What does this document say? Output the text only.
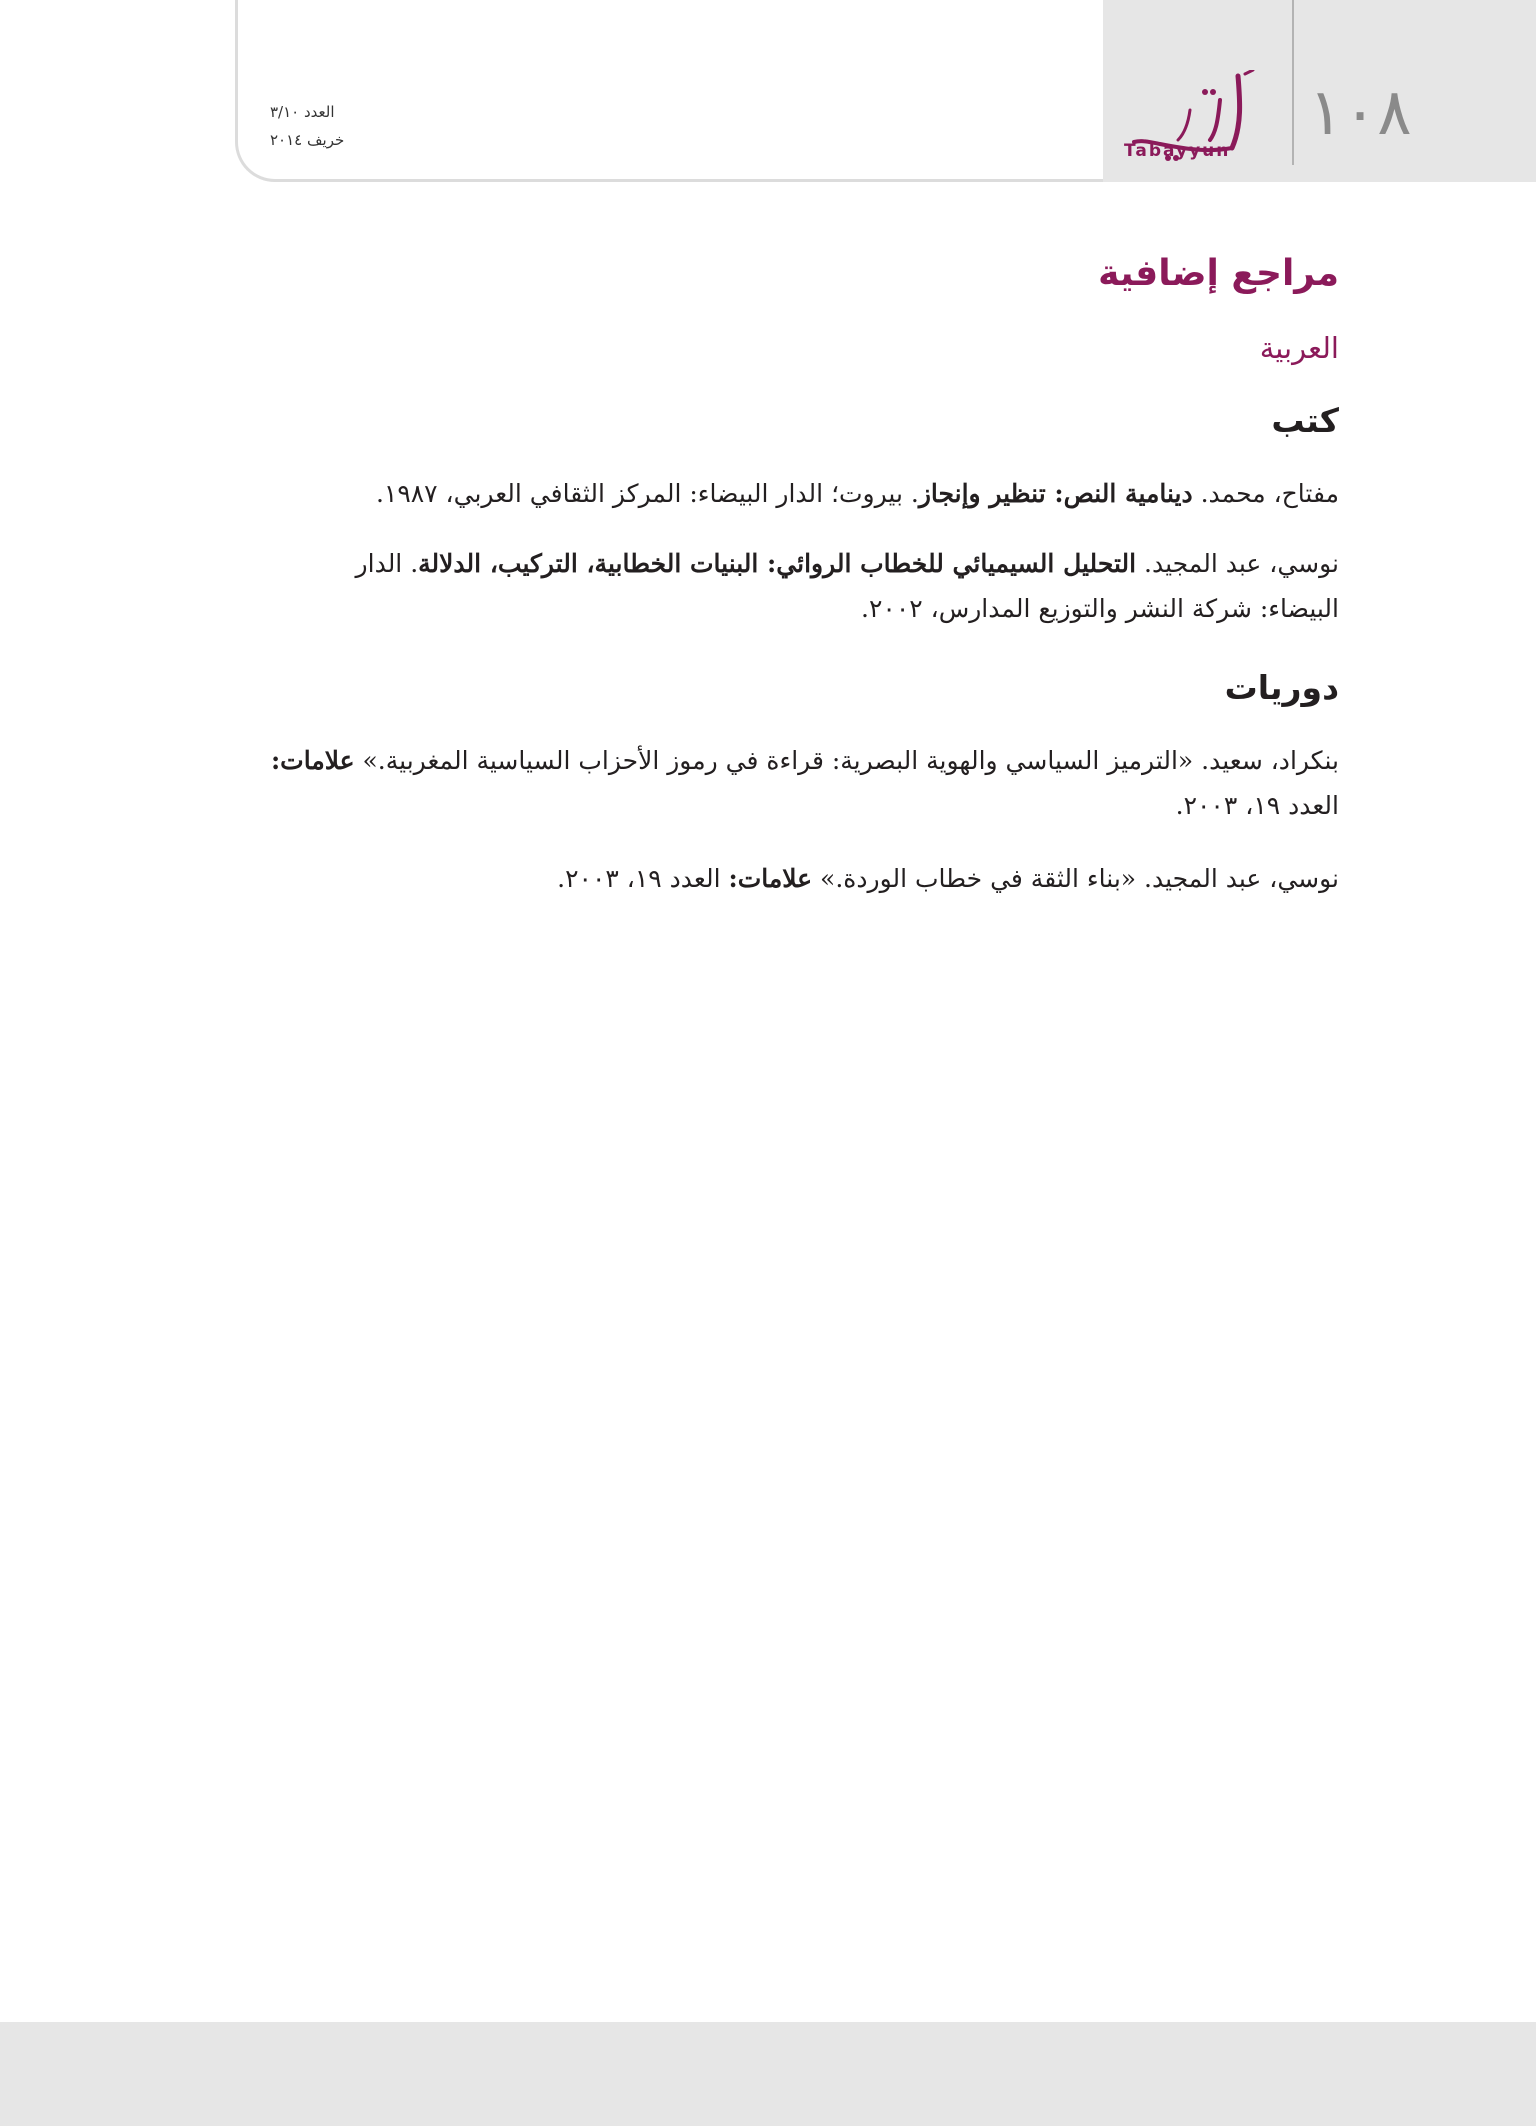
١٠٨
Tabayyun
العدد ٣/١٠
خريف ٢٠١٤
مراجع إضافية
العربية
كتب

مفتاح، محمد. دينامية النص: تنظير وإنجاز. بيروت؛ الدار البيضاء: المركز الثقافي العربي، ١٩٨٧.

نوسي، عبد المجيد. التحليل السيميائي للخطاب الروائي: البنيات الخطابية، التركيب، الدلالة. الدار البيضاء: شركة النشر والتوزيع المدارس، ٢٠٠٢.

دوريات

بنكراد، سعيد. «الترميز السياسي والهوية البصرية: قراءة في رموز الأحزاب السياسية المغربية.» علامات: العدد ١٩، ٢٠٠٣.

نوسي، عبد المجيد. «بناء الثقة في خطاب الوردة.» علامات: العدد ١٩، ٢٠٠٣.
